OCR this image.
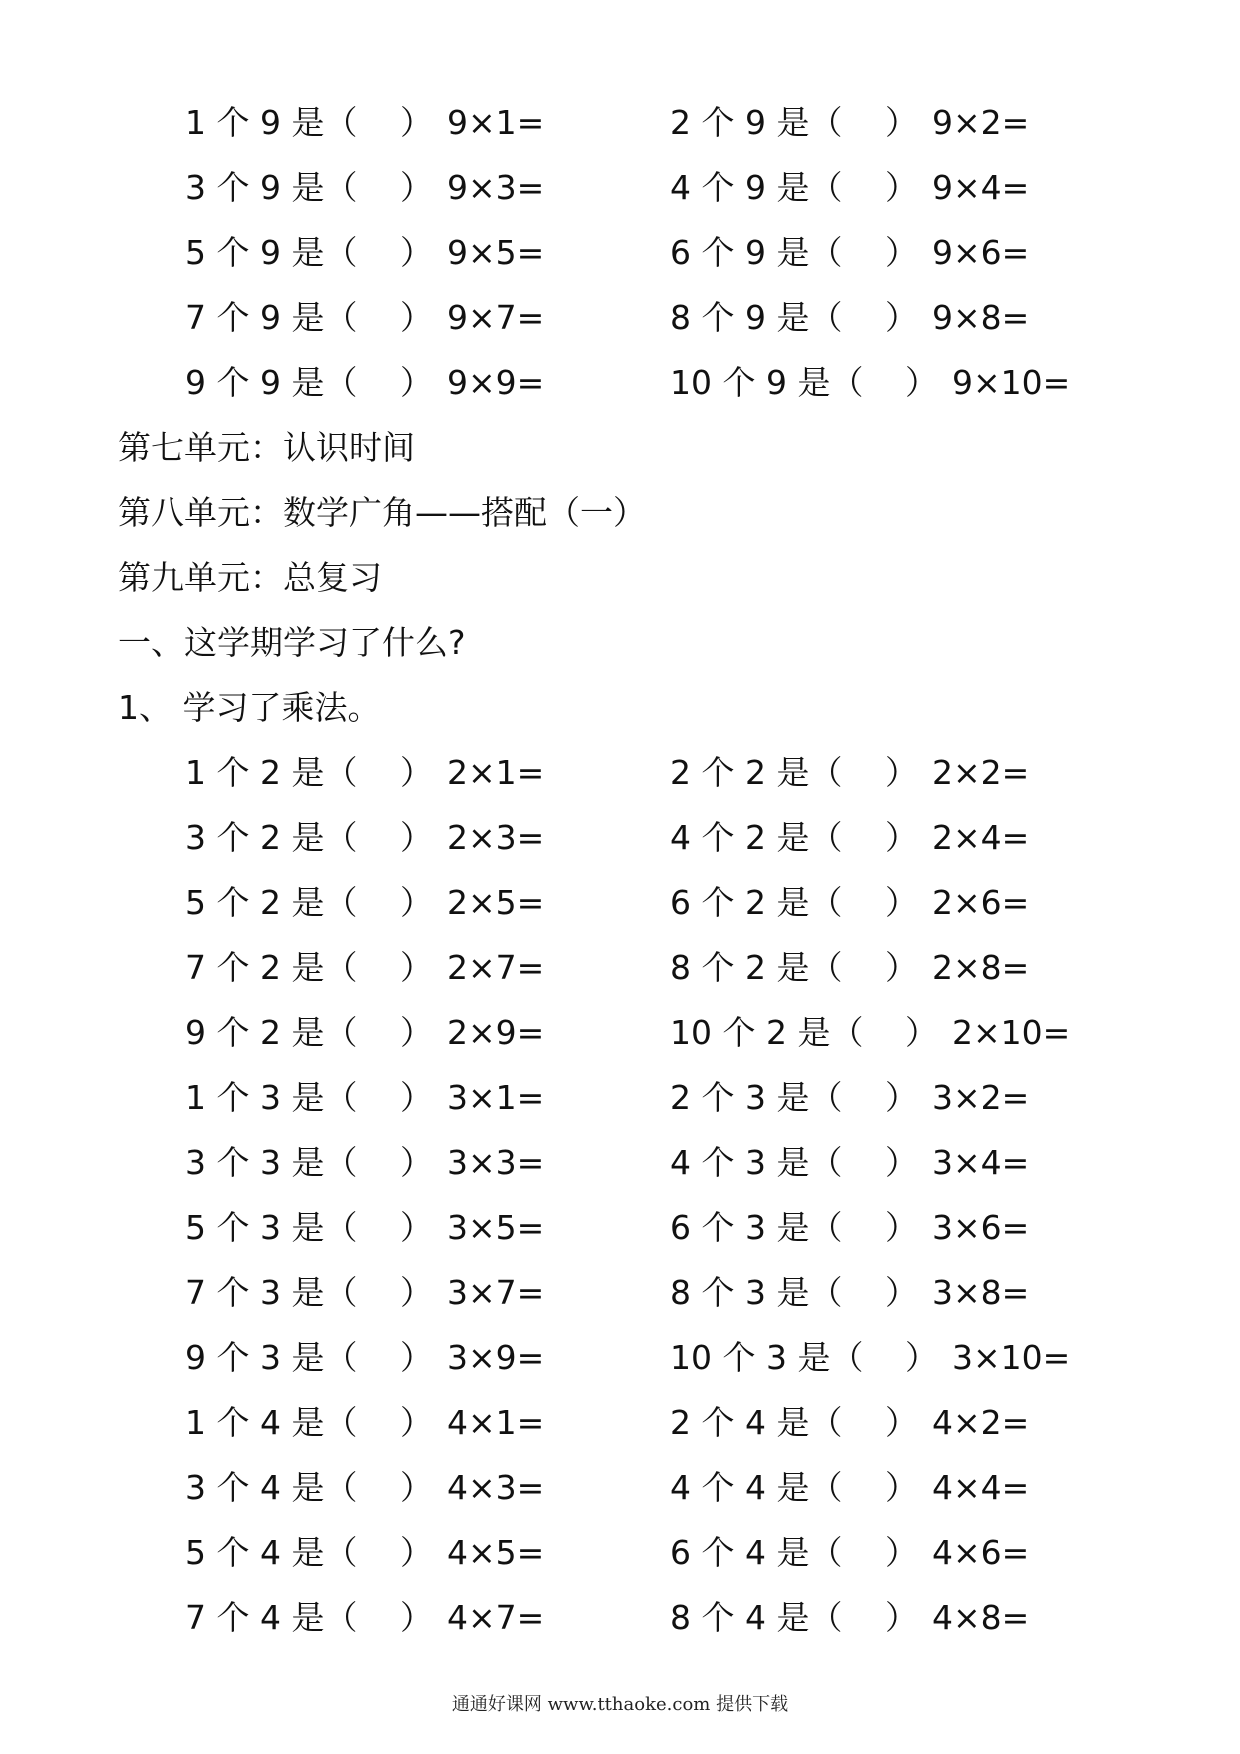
1 个 9 是（ ） 9×1=	2 个 9 是（ ） 9×2=
3 个 9 是（ ） 9×3=	4 个 9 是（ ） 9×4=
5 个 9 是（ ） 9×5=	6 个 9 是（ ） 9×6=
7 个 9 是（ ） 9×7=	8 个 9 是（ ） 9×8=
9 个 9 是（ ） 9×9=	10 个 9 是（ ） 9×10=
第七单元：认识时间
第八单元：数学广角——搭配（一）
第九单元：总复习
一、这学期学习了什么?
1、 学习了乘法。
1 个 2 是（ ） 2×1=	2 个 2 是（ ） 2×2=
3 个 2 是（ ） 2×3=	4 个 2 是（ ） 2×4=
5 个 2 是（ ） 2×5=	6 个 2 是（ ） 2×6=
7 个 2 是（ ） 2×7=	8 个 2 是（ ） 2×8=
9 个 2 是（ ） 2×9=	10 个 2 是（ ） 2×10=
1 个 3 是（ ） 3×1=	2 个 3 是（ ） 3×2=
3 个 3 是（ ） 3×3=	4 个 3 是（ ） 3×4=
5 个 3 是（ ） 3×5=	6 个 3 是（ ） 3×6=
7 个 3 是（ ） 3×7=	8 个 3 是（ ） 3×8=
9 个 3 是（ ） 3×9=	10 个 3 是（ ） 3×10=
1 个 4 是（ ） 4×1=	2 个 4 是（ ） 4×2=
3 个 4 是（ ） 4×3=	4 个 4 是（ ） 4×4=
5 个 4 是（ ） 4×5=	6 个 4 是（ ） 4×6=
7 个 4 是（ ） 4×7=	8 个 4 是（ ） 4×8=
通通好课网 www.tthaoke.com 提供下载
